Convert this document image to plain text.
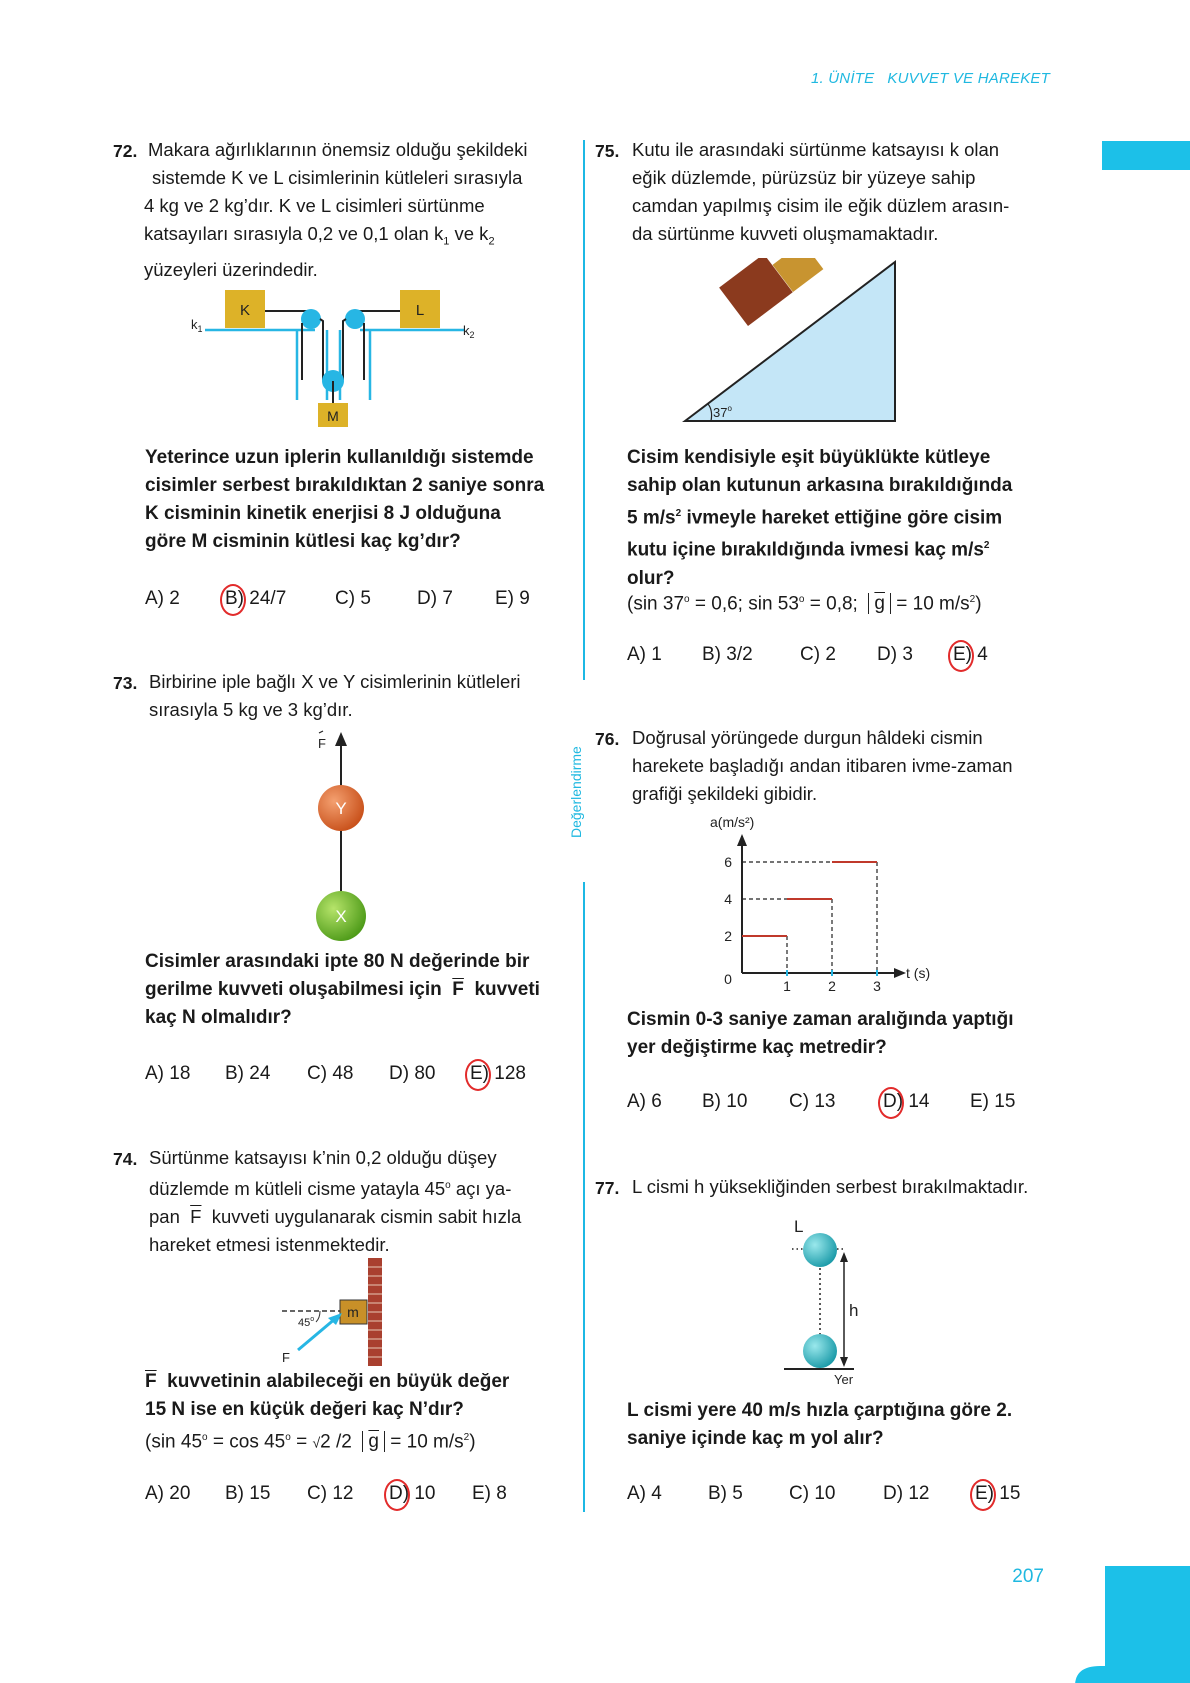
1. ÜNİTE KUVVET VE HAREKET
Değerlendirme
207
72. Makara ağırlıklarının önemsiz olduğu şekildeki
sistemde K ve L cisimlerinin kütleleri sırasıyla
4 kg ve 2 kg’dır. K ve L cisimleri sürtünme
katsayıları sırasıyla 0,2 ve 0,1 olan $k_1$ ve $k_2$
yüzeyleri üzerindedir.
K	L
M
$k_1$	$k_2$
Yeterince uzun iplerin kullanıldığı sistemde
cisimler serbest bırakıldıktan 2 saniye sonra
K cisminin kinetik enerjisi 8 J olduğuna
göre M cisminin kütlesi kaç kg’dır?
A) 2 B) 24/7	C) 5 D) 7 E) 9
73. Birbirine iple bağlı X ve Y cisimlerinin kütleleri
sırasıyla 5 kg ve 3 kg’dır.
F
Y
X
Cisimler arasındaki ipte 80 N değerinde bir
gerilme kuvveti oluşabilmesi için $\overline{F}$ kuvveti
kaç N olmalıdır?
A) 18 B) 24 C) 48 D) 80 E) 128
74. Sürtünme katsayısı k’nin 0,2 olduğu düşey
düzlemde m kütleli cisme yatayla 45$^o$ açı ya-
pan $\overline{F}$ kuvveti uygulanarak cismin sabit hızla
hareket etmesi istenmektedir.
m
45$^o$
F
$\overline{F}$ kuvvetinin alabileceği en büyük değer
15 N ise en küçük değeri kaç N’dır?
(sin $45^o = \cos 45^o = √2$ /2 $\overline{g} = 10$ $m/s^2$)
A) 20 B) 15 C) 12 D) 10 E) 8
75. Kutu ile arasındaki sürtünme katsayısı k olan
eğik düzlemde, pürüzsüz bir yüzeye sahip
camdan yapılmış cisim ile eğik düzlem arasın-
da sürtünme kuvveti oluşmamaktadır.
Kutu
Cisim
37$^o$
Cisim kendisiyle eşit büyüklükte kütleye
sahip olan kutunun arkasına bırakıldığında
5 $m/s^2$ ivmeyle hareket ettiğine göre cisim
kutu içine bırakıldığında ivmesi kaç $m/s^2$
olur?
(sin $37^o = 0,6$; $\sin 53^o = 0,8$; $\overline{g} = 10$ $m/s^2$)
A) 1 B) 3/2 C) 2 D) 3 E) 4
76. Doğrusal yörüngede durgun hâldeki cismin
harekete başladığı andan itibaren ivme-zaman
grafiği şekildeki gibidir.
a(m/s²)
t (s)
0
2
4
6
1	2	3
Cismin 0-3 saniye zaman aralığında yaptığı
yer değiştirme kaç metredir?
A) 6 B) 10 C) 13	D) 14 E) 15
77. L cismi h yüksekliğinden serbest bırakılmaktadır.
L
h
Yer
L cismi yere 40 m/s hızla çarptığına göre 2.
saniye içinde kaç m yol alır?
A) 4 B) 5 C) 10	D) 12 E) 15
